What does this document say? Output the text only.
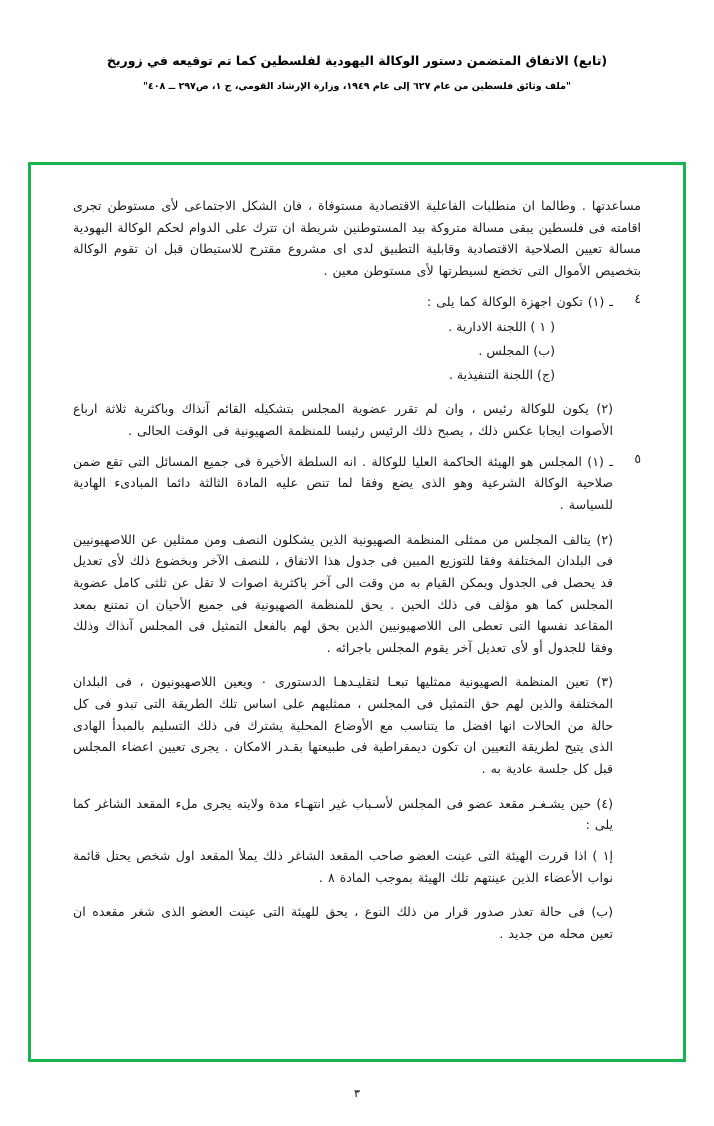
(تابع) الاتفاق المتضمن دستور الوكالة اليهودية لفلسطين كما تم توقيعه في زوريخ
"ملف وثائق فلسطين من عام ٦٢٧ إلى عام ١٩٤٩، وزارة الإرشاد القومي، ج ١، ص٢٩٧ ــ ٤٠٨"

مساعدتها . وطالما ان منطلبات الفاعلية الاقتصادية مستوفاة ، فان الشكل الاجتماعى لأى مستوطن تجرى اقامته فى فلسطين يبقى مسالة متروكة بيد المستوطنين شريطة ان تترك على الدوام لحكم الوكالة اليهودية مسالة تعيين الصلاحية الاقتصادية وقابلية التطبيق لدى اى مشروع مقترح للاستيطان قبل ان تقوم الوكالة بتخصيص الأموال التى تخضع لسيطرتها لأى مستوطن معين .

٤

ـ (١) تكون اجهزة الوكالة كما يلى :

( ١ ) اللجنة الادارية .

(ب) المجلس .

(ج) اللجنة التنفيذية .

(٢) يكون للوكالة رئيس ، وان لم تقرر عضوية المجلس بتشكيله القائم آنذاك وباكثرية ثلاثة ارباع الأصوات ايجابا عكس ذلك ، يصبح ذلك الرئيس رئيسا للمنظمة الصهيونية فى الوقت الحالى .

٥

ـ (١) المجلس هو الهيئة الحاكمة العليا للوكالة . انه السلطة الأخيرة فى جميع المسائل التى تقع ضمن صلاحية الوكالة الشرعية وهو الذى يضع وفقا لما تنص عليه المادة الثالثة دائما المبادىء الهادية للسياسة .

(٢) يتالف المجلس من ممثلى المنظمة الصهيونية الذين يشكلون النصف ومن ممثلين عن اللاصهيونيين فى البلدان المختلفة وفقا للتوزيع المبين فى جدول هذا الاتفاق ، للنصف الآخر وبخضوع ذلك لأى تعديل قد يحصل فى الجدول ويمكن القيام به من وقت الى آخر باكثرية اصوات لا تقل عن ثلثى كامل عضوية المجلس كما هو مؤلف فى ذلك الحين . يحق للمنظمة الصهيونية فى جميع الأحيان ان تمتنع بمعد المقاعد نفسها التى تعطى الى اللاصهيونيين الذين بحق لهم بالفعل التمثيل فى المجلس آنذاك وذلك وفقا للجدول أو لأى تعديل آخر يقوم المجلس باجرائه .

(٣) تعين المنظمة الصهيونية ممثليها تبعـا لتقليـدهـا الدستورى ٠ ويعين اللاصهيونيون ، فى البلدان المختلفة والذين لهم حق التمثيل فى المجلس ، ممثليهم على اساس تلك الطريقة التى تبدو فى كل حالة من الحالات انها افضل ما يتناسب مع الأوضاع المحلية يشترك فى ذلك التسليم بالمبدأ الهادى الذى يتيح لطريقة التعيين ان تكون ديمقراطية فى طبيعتها بقـدر الامكان . يجرى تعيين اعضاء المجلس قبل كل جلسة عادية به .

(٤) حين يشـغـر مقعد عضو فى المجلس لأسـباب غير انتهـاء مدة ولايته يجرى ملء المقعد الشاغر كما يلى :

إ١ ) اذا قررت الهيئة التى عينت العضو صاحب المقعد الشاغر ذلك يملأ المقعد اول شخص يحتل قائمة نواب الأعضاء الذين عينتهم تلك الهيئة بموجب المادة ٨ .

(ب) فى حالة تعذر صدور قرار من ذلك النوع ، يحق للهيئة التى عينت العضو الذى شغر مقعده ان تعين محله من جديد .

٣
